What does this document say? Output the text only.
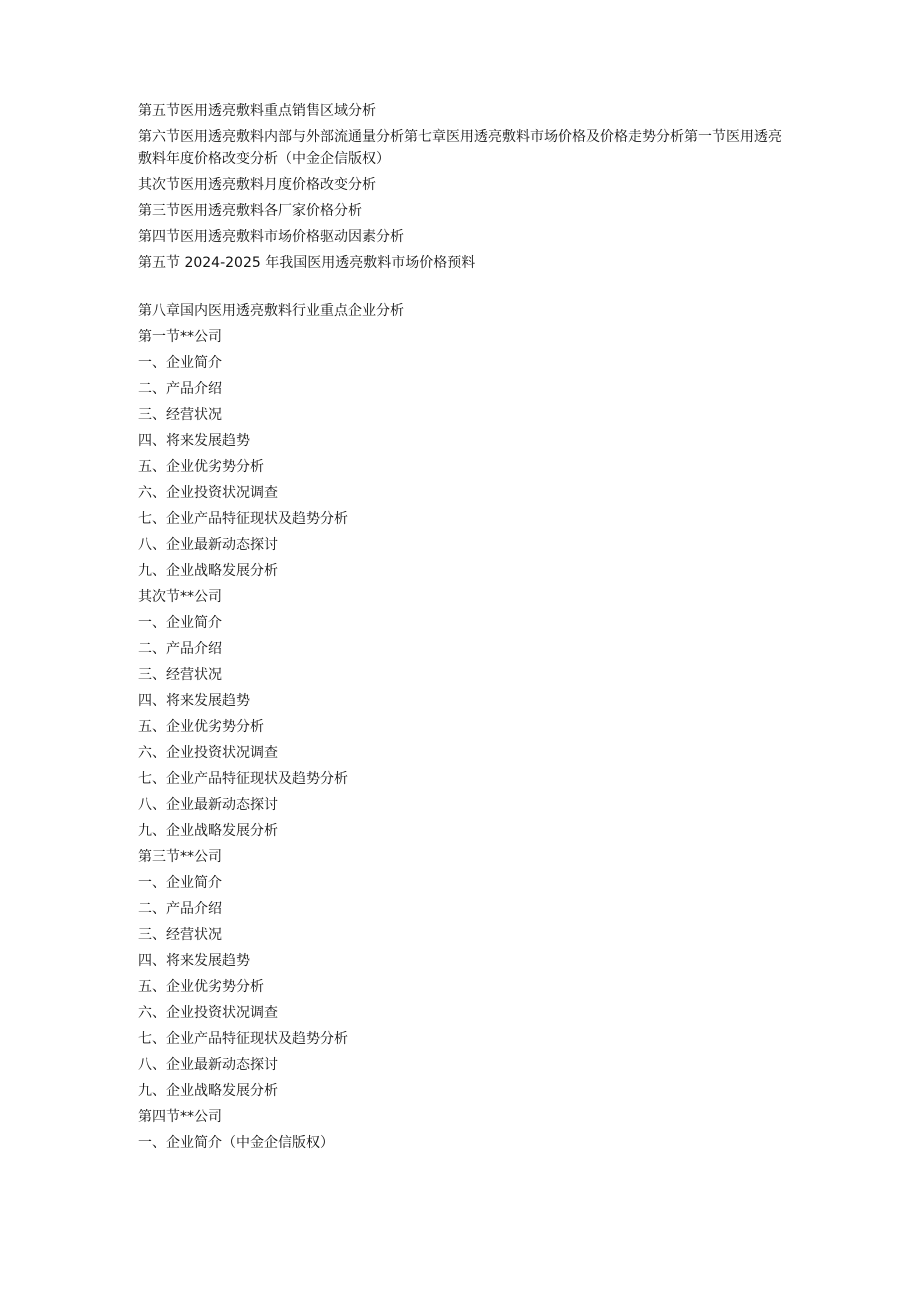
第五节医用透亮敷料重点销售区域分析
第六节医用透亮敷料内部与外部流通量分析第七章医用透亮敷料市场价格及价格走势分析第一节医用透亮敷料年度价格改变分析（中金企信版权）
其次节医用透亮敷料月度价格改变分析
第三节医用透亮敷料各厂家价格分析
第四节医用透亮敷料市场价格驱动因素分析
第五节 2024-2025 年我国医用透亮敷料市场价格预料
第八章国内医用透亮敷料行业重点企业分析
第一节**公司
一、企业简介
二、产品介绍
三、经营状况
四、将来发展趋势
五、企业优劣势分析
六、企业投资状况调查
七、企业产品特征现状及趋势分析
八、企业最新动态探讨
九、企业战略发展分析
其次节**公司
一、企业简介
二、产品介绍
三、经营状况
四、将来发展趋势
五、企业优劣势分析
六、企业投资状况调查
七、企业产品特征现状及趋势分析
八、企业最新动态探讨
九、企业战略发展分析
第三节**公司
一、企业简介
二、产品介绍
三、经营状况
四、将来发展趋势
五、企业优劣势分析
六、企业投资状况调查
七、企业产品特征现状及趋势分析
八、企业最新动态探讨
九、企业战略发展分析
第四节**公司
一、企业简介（中金企信版权）
